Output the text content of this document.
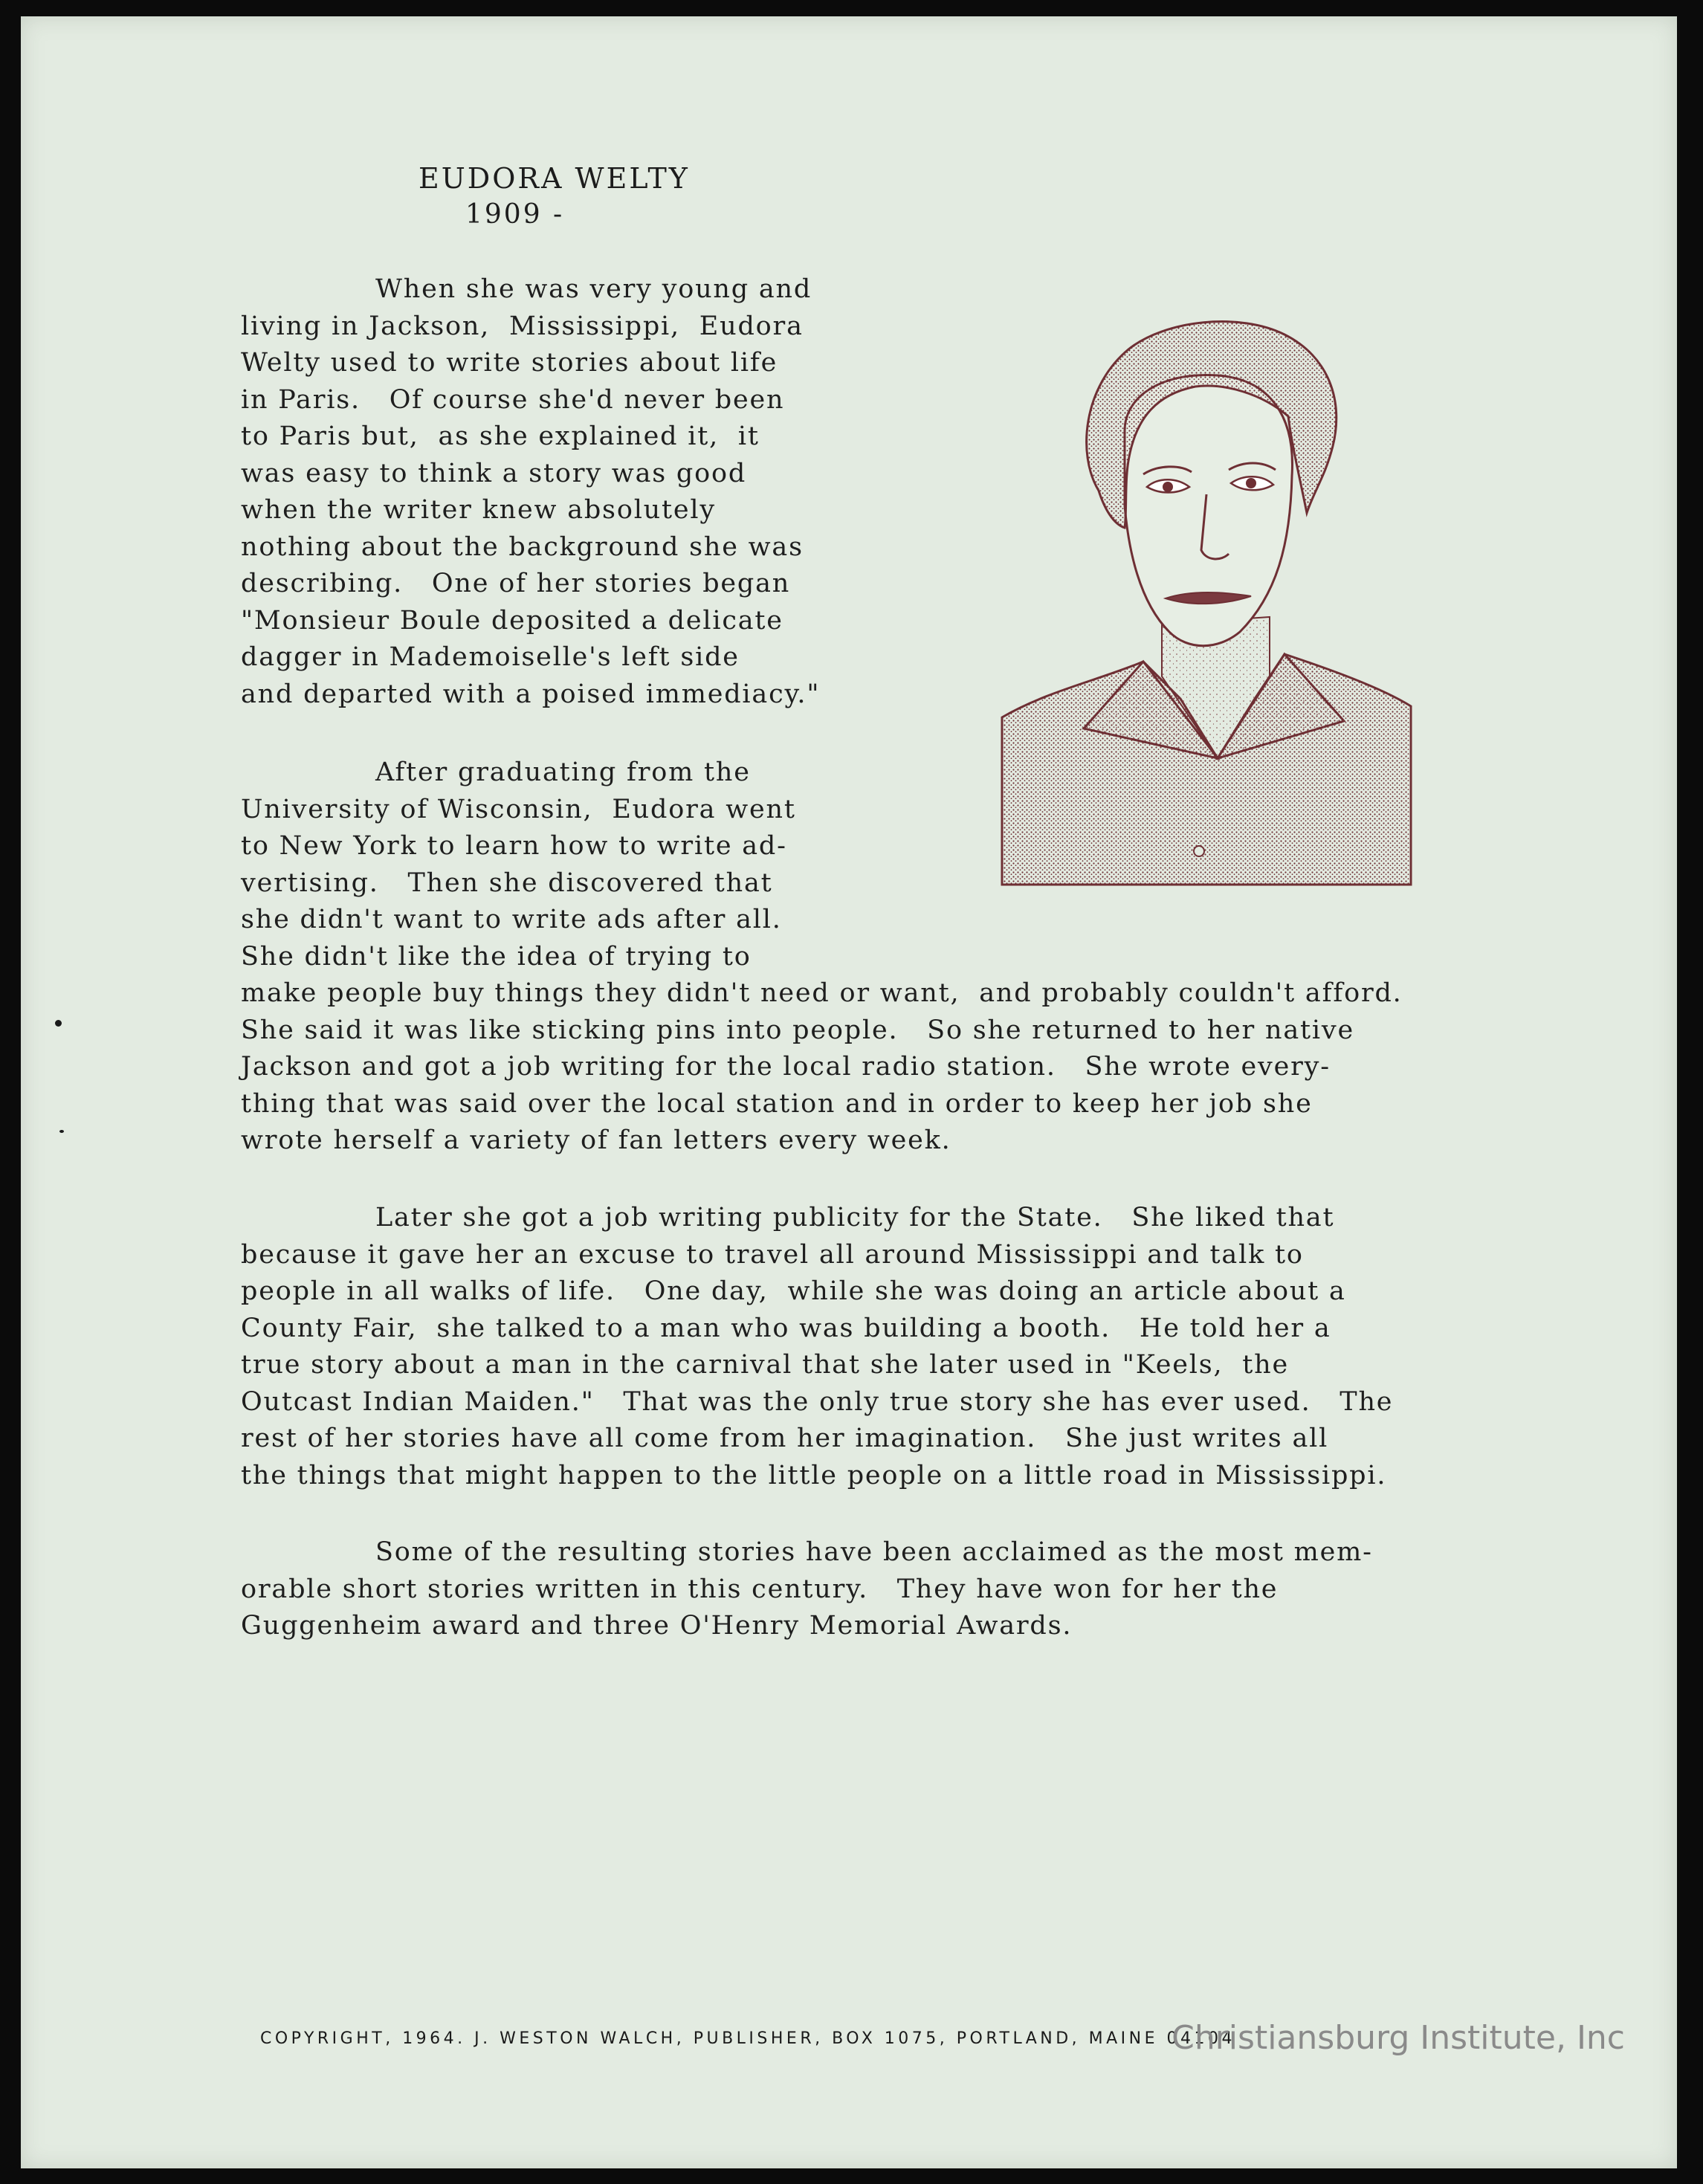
EUDORA WELTY
1909 -
When she was very young and
living in Jackson,  Mississippi,  Eudora
Welty used to write stories about life
in Paris.   Of course she'd never been
to Paris but,  as she explained it,  it
was easy to think a story was good
when the writer knew absolutely
nothing about the background she was
describing.   One of her stories began
"Monsieur Boule deposited a delicate
dagger in Mademoiselle's left side
and departed with a poised immediacy."
After graduating from the
University of Wisconsin,  Eudora went
to New York to learn how to write ad-
vertising.   Then she discovered that
she didn't want to write ads after all.
She didn't like the idea of trying to
make people buy things they didn't need or want,  and probably couldn't afford.
She said it was like sticking pins into people.   So she returned to her native
Jackson and got a job writing for the local radio station.   She wrote every-
thing that was said over the local station and in order to keep her job she
wrote herself a variety of fan letters every week.
Later she got a job writing publicity for the State.   She liked that
because it gave her an excuse to travel all around Mississippi and talk to
people in all walks of life.   One day,  while she was doing an article about a
County Fair,  she talked to a man who was building a booth.   He told her a
true story about a man in the carnival that she later used in "Keels,  the
Outcast Indian Maiden."   That was the only true story she has ever used.   The
rest of her stories have all come from her imagination.   She just writes all
the things that might happen to the little people on a little road in Mississippi.
Some of the resulting stories have been acclaimed as the most mem-
orable short stories written in this century.   They have won for her the
Guggenheim award and three O'Henry Memorial Awards.
COPYRIGHT, 1964. J. WESTON WALCH, PUBLISHER, BOX 1075, PORTLAND, MAINE 04104
Christiansburg Institute, Inc
